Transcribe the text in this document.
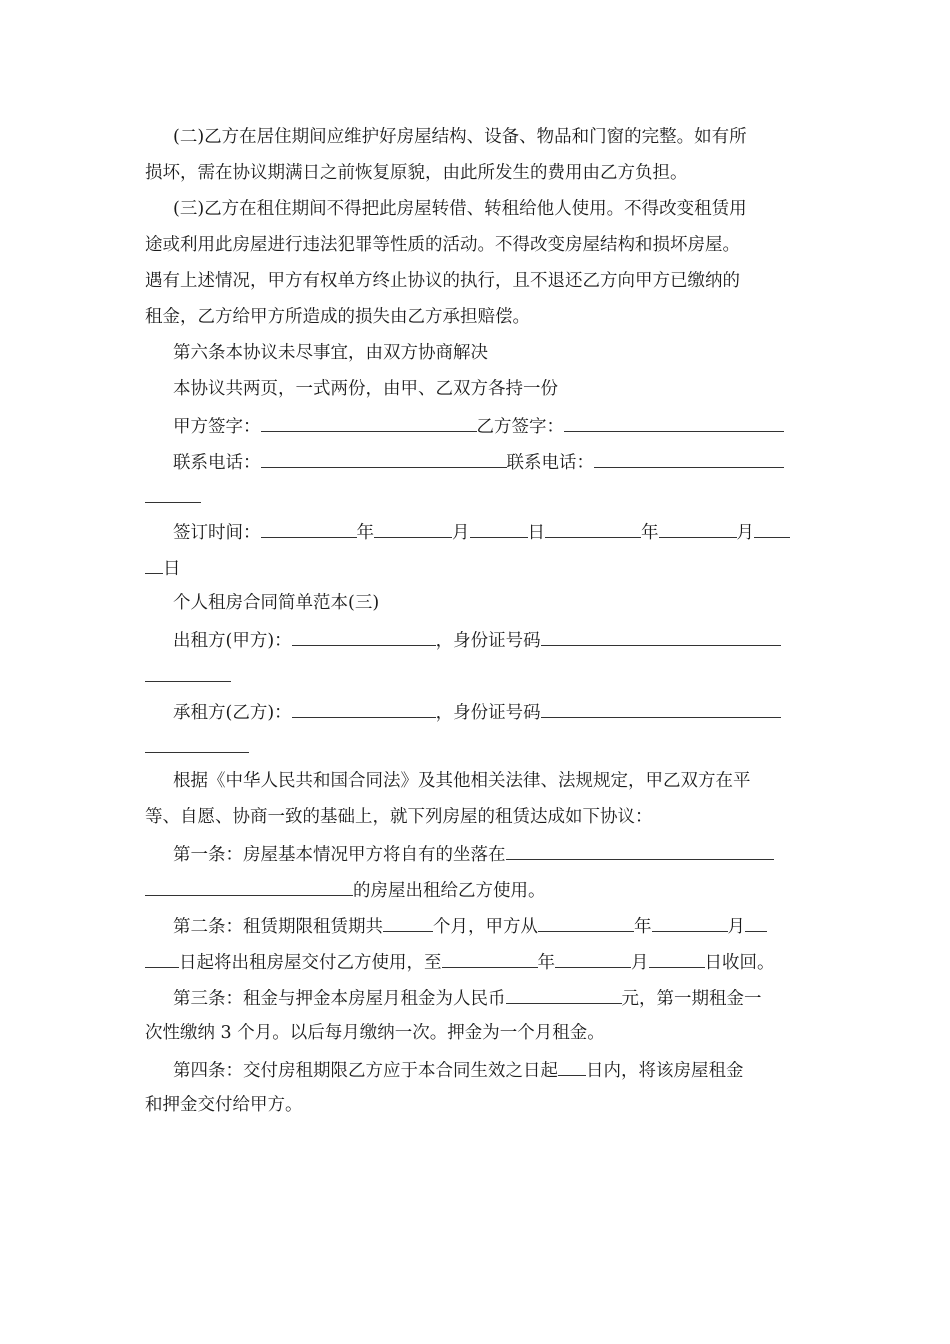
(二)乙方在居住期间应维护好房屋结构、设备、物品和门窗的完整。如有所
损坏，需在协议期满日之前恢复原貌，由此所发生的费用由乙方负担。
(三)乙方在租住期间不得把此房屋转借、转租给他人使用。不得改变租赁用
途或利用此房屋进行违法犯罪等性质的活动。不得改变房屋结构和损坏房屋。
遇有上述情况，甲方有权单方终止协议的执行，且不退还乙方向甲方已缴纳的
租金，乙方给甲方所造成的损失由乙方承担赔偿。
第六条本协议未尽事宜，由双方协商解决
本协议共两页，一式两份，由甲、乙双方各持一份
甲方签字：	乙方签字：
联系电话：	联系电话：
签订时间：	年	月	日	年	月
日
个人租房合同简单范本(三)
出租方(甲方)：	，身份证号码
承租方(乙方)：	，身份证号码
根据《中华人民共和国合同法》及其他相关法律、法规规定，甲乙双方在平
等、自愿、协商一致的基础上，就下列房屋的租赁达成如下协议：
第一条：房屋基本情况甲方将自有的坐落在
的房屋出租给乙方使用。
第二条：租赁期限租赁期共	个月，甲方从	年	月
日起将出租房屋交付乙方使用，至	年	月	日收回。
第三条：租金与押金本房屋月租金为人民币	元，第一期租金一
次性缴纳 3 个月。以后每月缴纳一次。押金为一个月租金。
第四条：交付房租期限乙方应于本合同生效之日起 日内，将该房屋租金
和押金交付给甲方。
